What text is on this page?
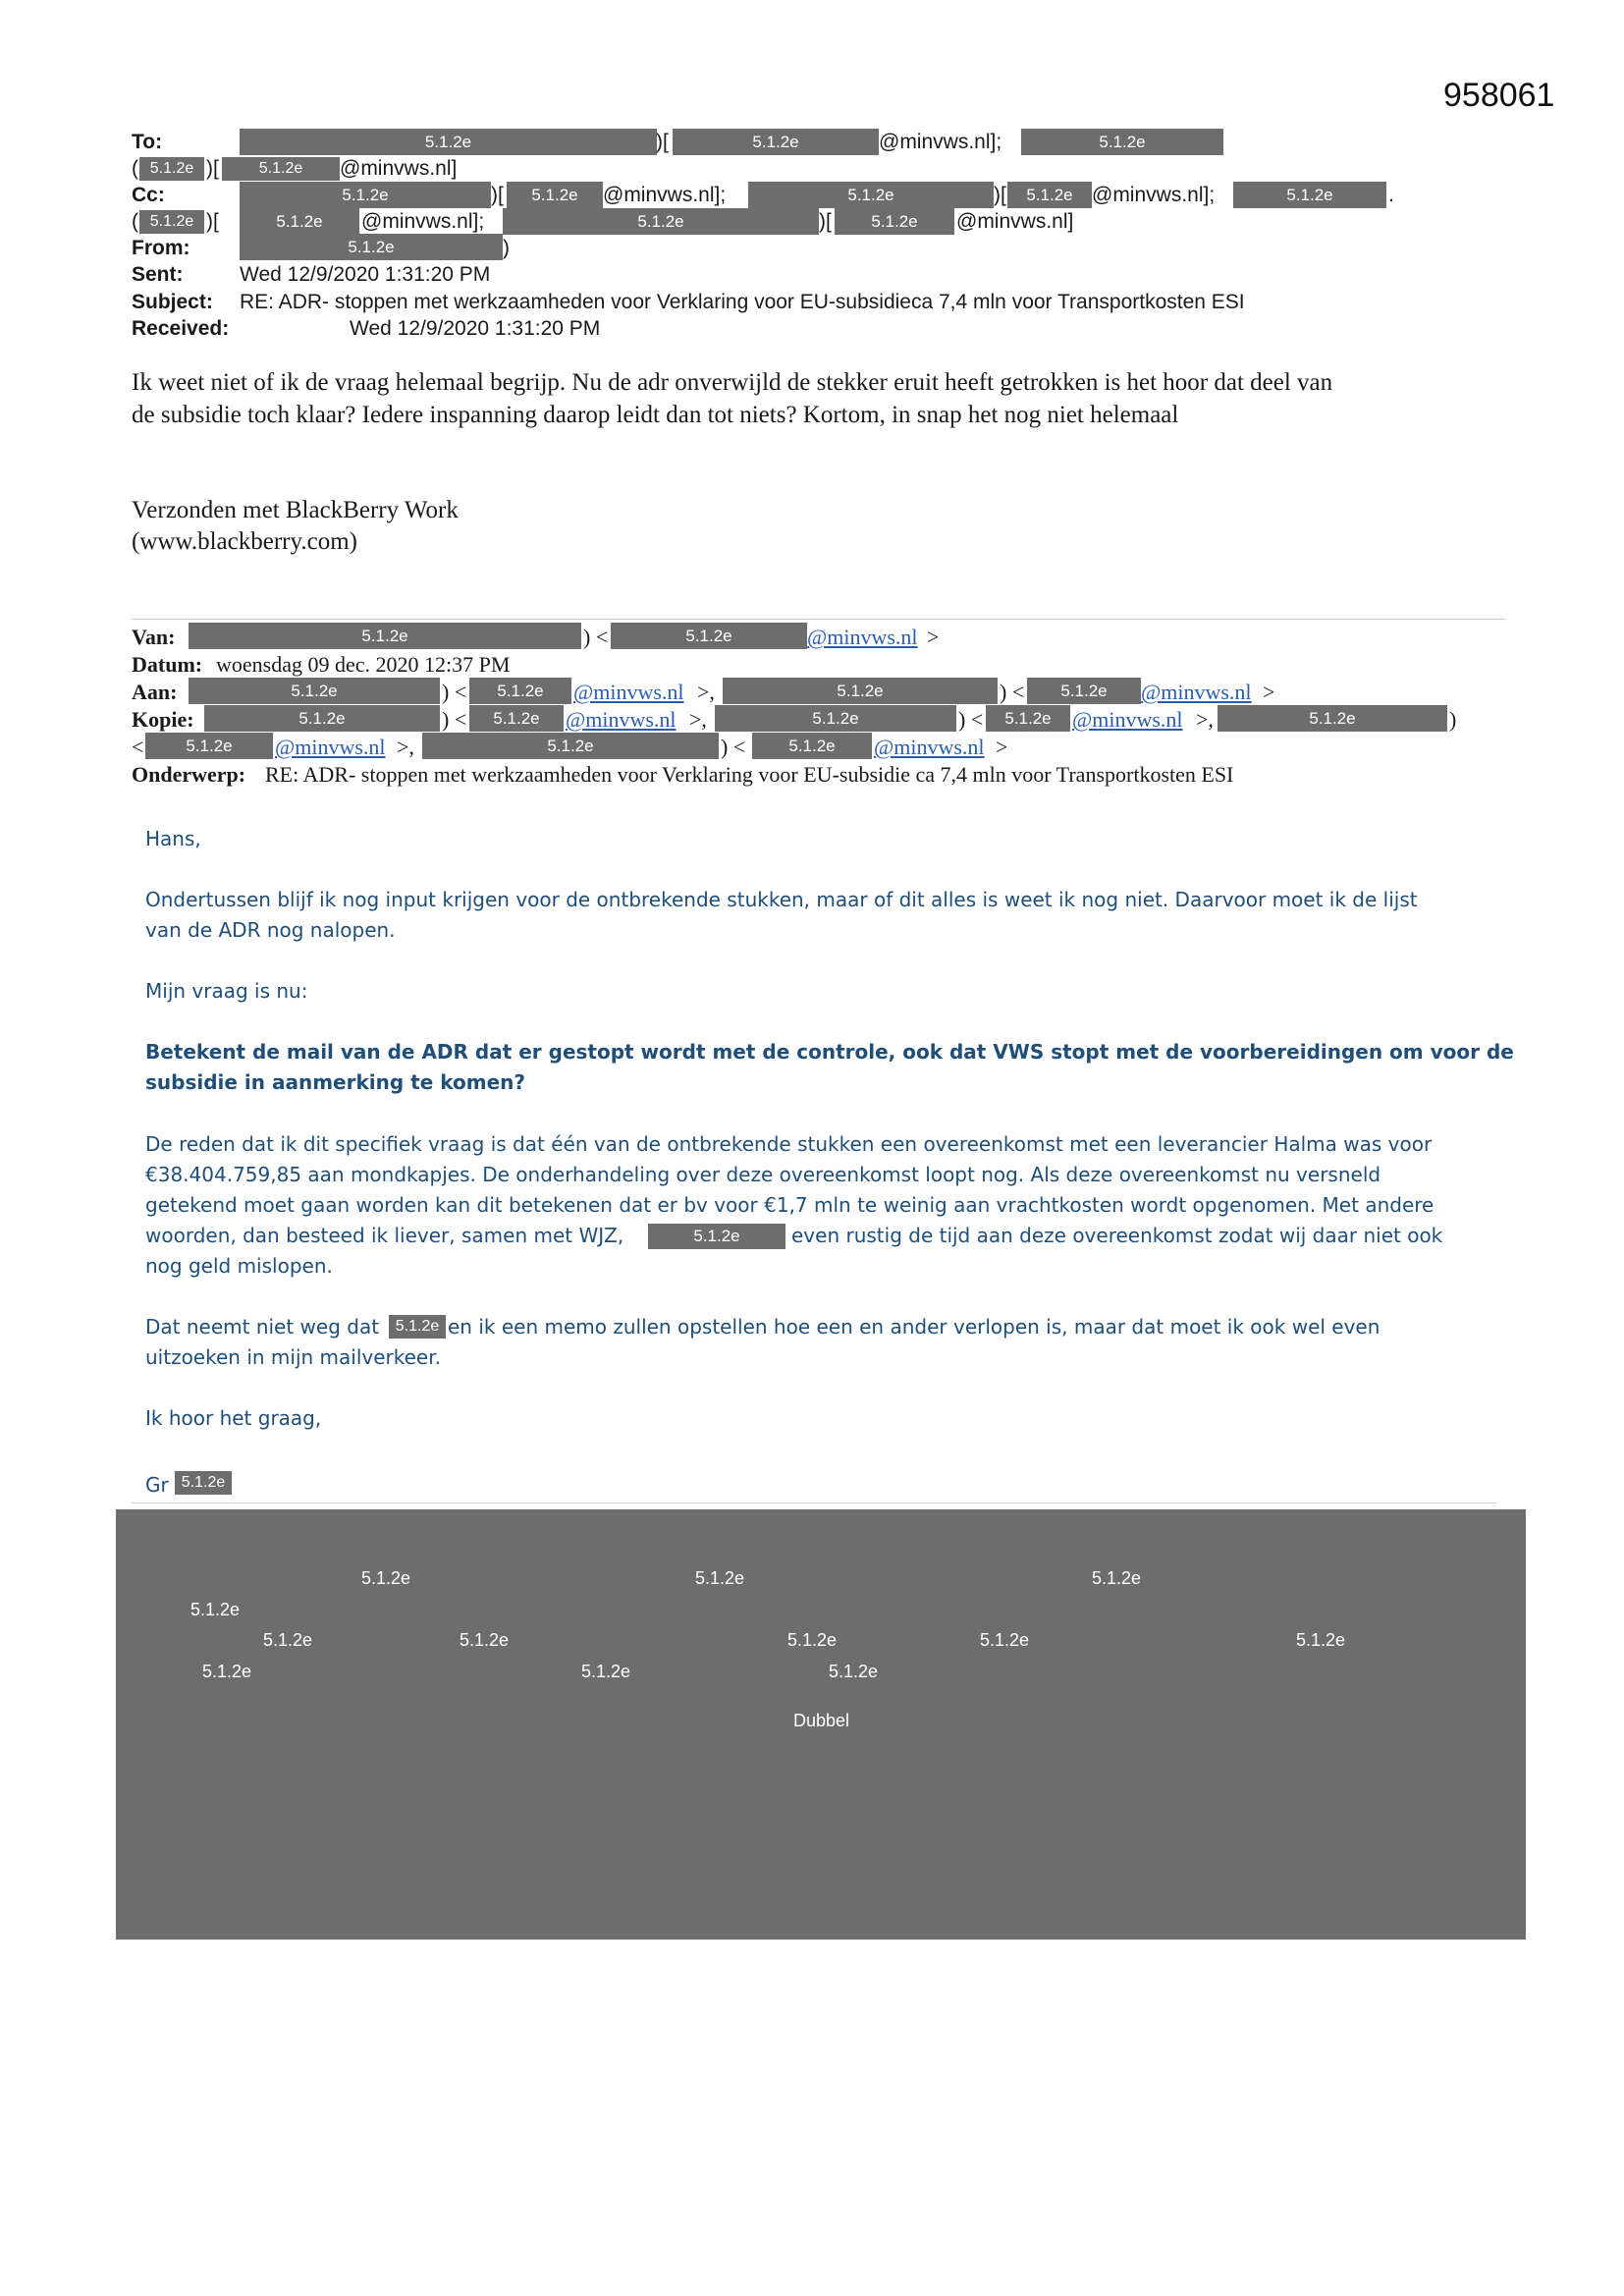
958061
To:	5.1.2e	)[	5.1.2e	@minvws.nl];	5.1.2e
( 5.1.2e )[	5.1.2e	@minvws.nl]
Cc:	5.1.2e	)[	5.1.2e	@minvws.nl];	5.1.2e	)[	5.1.2e @minvws.nl];	5.1.2e	.
( 5.1.2e )[	5.1.2e	@minvws.nl];	5.1.2e	)[	5.1.2e	@minvws.nl]
From:	5.1.2e	)
Sent:	Wed 12/9/2020 1:31:20 PM
Subject: RE: ADR- stoppen met werkzaamheden voor Verklaring voor EU-subsidieca 7,4 mln voor Transportkosten ESI
Received:	Wed 12/9/2020 1:31:20 PM
Ik weet niet of ik de vraag helemaal begrijp. Nu de adr onverwijld de stekker eruit heeft getrokken is het hoor dat deel van
de subsidie toch klaar? Iedere inspanning daarop leidt dan tot niets? Kortom, in snap het nog niet helemaal
Verzonden met BlackBerry Work
(www.blackberry.com)
Van:	5.1.2e	) <	5.1.2e	@minvws.nl >
Datum: woensdag 09 dec. 2020 12:37 PM
Aan:	5.1.2e	) <	5.1.2e	@minvws.nl >,	5.1.2e	) <	5.1.2e	@minvws.nl >
Kopie:	5.1.2e	) <	5.1.2e	@minvws.nl >,	5.1.2e	) <	5.1.2e @minvws.nl >,	5.1.2e	)
<	5.1.2e	@minvws.nl >,	5.1.2e	) <	5.1.2e	@minvws.nl >
Onderwerp: RE: ADR- stoppen met werkzaamheden voor Verklaring voor EU-subsidie ca 7,4 mln voor Transportkosten ESI
Hans,
Ondertussen blijf ik nog input krijgen voor de ontbrekende stukken, maar of dit alles is weet ik nog niet. Daarvoor moet ik de lijst
van de ADR nog nalopen.
Mijn vraag is nu:
Betekent de mail van de ADR dat er gestopt wordt met de controle, ook dat VWS stopt met de voorbereidingen om voor de
subsidie in aanmerking te komen?
De reden dat ik dit specifiek vraag is dat één van de ontbrekende stukken een overeenkomst met een leverancier Halma was voor
€38.404.759,85 aan mondkapjes. De onderhandeling over deze overeenkomst loopt nog. Als deze overeenkomst nu versneld
getekend moet gaan worden kan dit betekenen dat er bv voor €1,7 mln te weinig aan vrachtkosten wordt opgenomen. Met andere
woorden, dan besteed ik liever, samen met WJZ,	5.1.2e	even rustig de tijd aan deze overeenkomst zodat wij daar niet ook
nog geld mislopen.
Dat neemt niet weg dat	5.1.2e en ik een memo zullen opstellen hoe een en ander verlopen is, maar dat moet ik ook wel even
uitzoeken in mijn mailverkeer.
Ik hoor het graag,
Gr 5.1.2e
5.1.2e	5.1.2e	5.1.2e
5.1.2e
5.1.2e	5.1.2e	5.1.2e	5.1.2e	5.1.2e
5.1.2e	5.1.2e	5.1.2e
Dubbel
